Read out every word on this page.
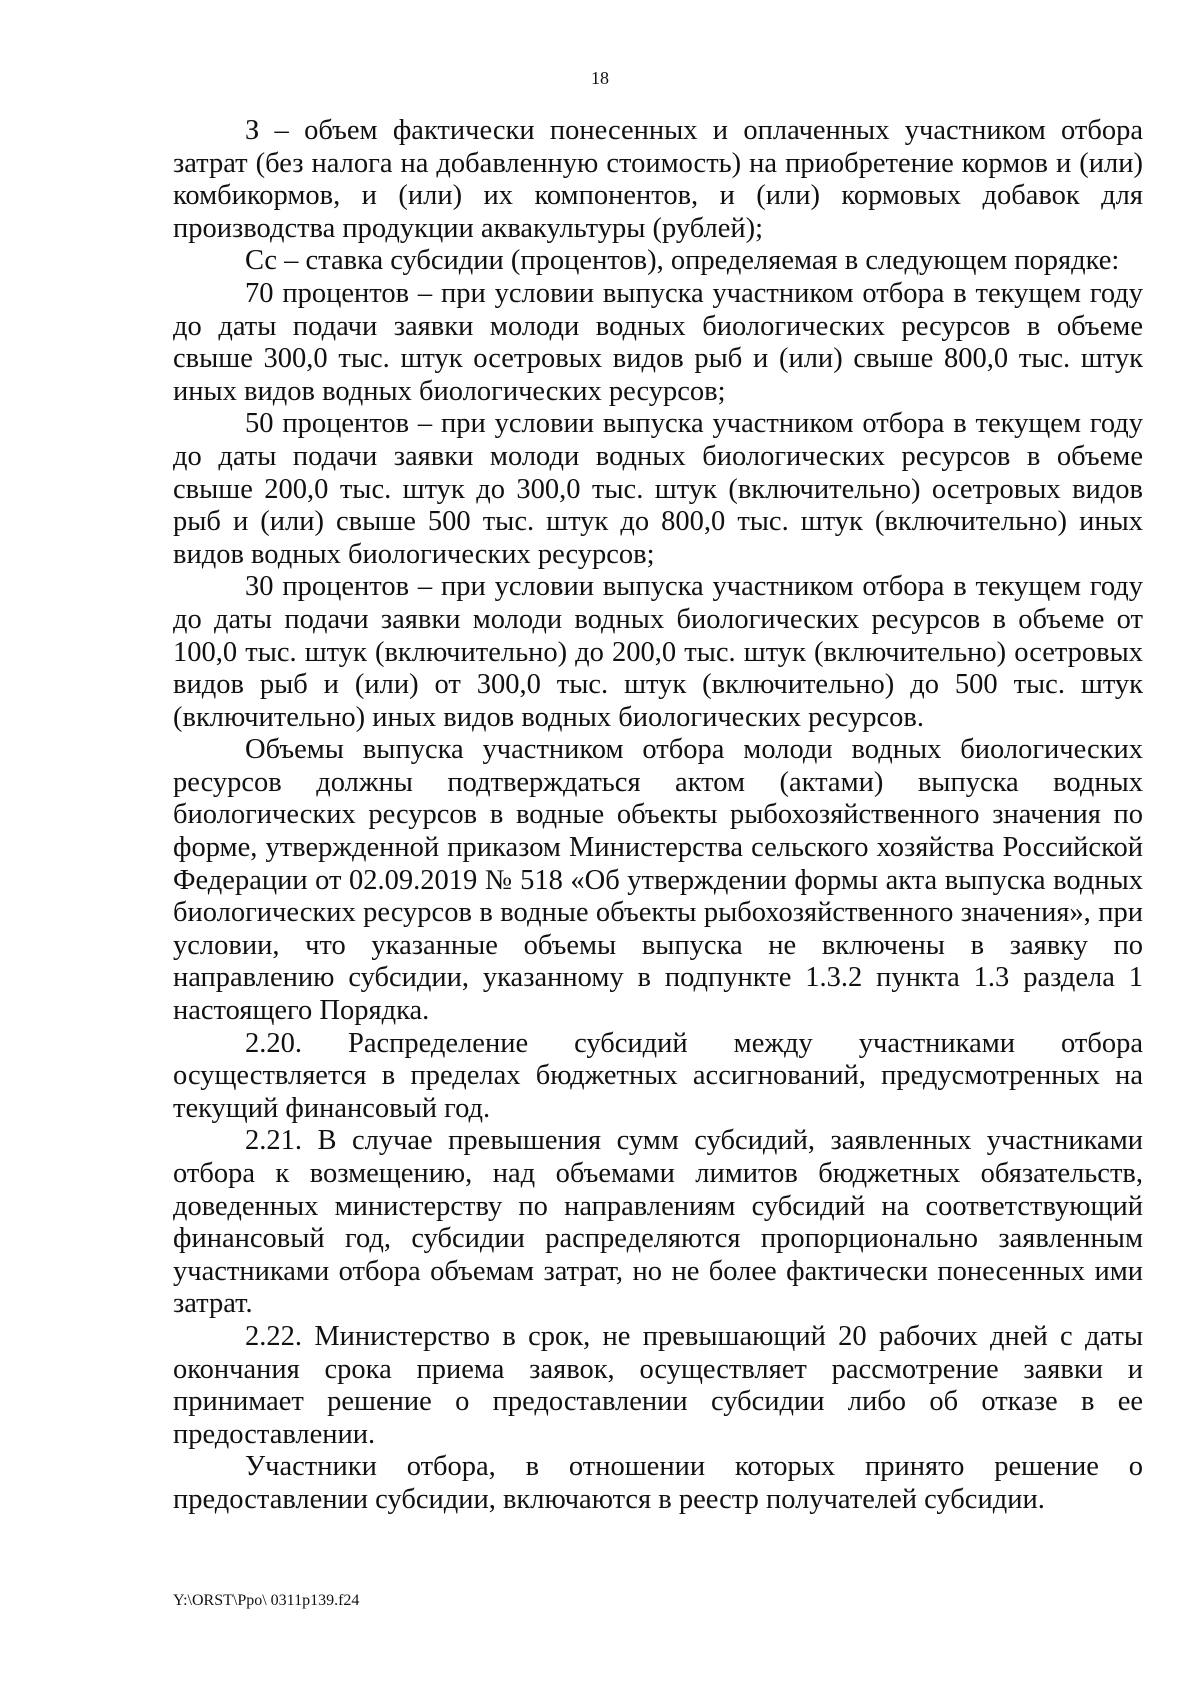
18

З – объем фактически понесенных и оплаченных участником отбора затрат (без налога на добавленную стоимость) на приобретение кормов и (или) комбикормов, и (или) их компонентов, и (или) кормовых добавок для производства продукции аквакультуры (рублей);

Сс – ставка субсидии (процентов), определяемая в следующем порядке:

70 процентов – при условии выпуска участником отбора в текущем году до даты подачи заявки молоди водных биологических ресурсов в объеме свыше 300,0 тыс. штук осетровых видов рыб и (или) свыше 800,0 тыс. штук иных видов водных биологических ресурсов;

50 процентов – при условии выпуска участником отбора в текущем году до даты подачи заявки молоди водных биологических ресурсов в объеме свыше 200,0 тыс. штук до 300,0 тыс. штук (включительно) осетровых видов рыб и (или) свыше 500 тыс. штук до 800,0 тыс. штук (включительно) иных видов водных биологических ресурсов;

30 процентов – при условии выпуска участником отбора в текущем году до даты подачи заявки молоди водных биологических ресурсов в объеме от 100,0 тыс. штук (включительно) до 200,0 тыс. штук (включительно) осетровых видов рыб и (или) от 300,0 тыс. штук (включительно) до 500 тыс. штук (включительно) иных видов водных биологических ресурсов.

Объемы выпуска участником отбора молоди водных биологических ресурсов должны подтверждаться актом (актами) выпуска водных биологических ресурсов в водные объекты рыбохозяйственного значения по форме, утвержденной приказом Министерства сельского хозяйства Российской Федерации от 02.09.2019 № 518 «Об утверждении формы акта выпуска водных биологических ресурсов в водные объекты рыбохозяйственного значения», при условии, что указанные объемы выпуска не включены в заявку по направлению субсидии, указанному в подпункте 1.3.2 пункта 1.3 раздела 1 настоящего Порядка.

2.20. Распределение субсидий между участниками отбора осуществляется в пределах бюджетных ассигнований, предусмотренных на текущий финансовый год.

2.21. В случае превышения сумм субсидий, заявленных участниками отбора к возмещению, над объемами лимитов бюджетных обязательств, доведенных министерству по направлениям субсидий на соответствующий финансовый год, субсидии распределяются пропорционально заявленным участниками отбора объемам затрат, но не более фактически понесенных ими затрат.

2.22. Министерство в срок, не превышающий 20 рабочих дней с даты окончания срока приема заявок, осуществляет рассмотрение заявки и принимает решение о предоставлении субсидии либо об отказе в ее предоставлении.

Участники отбора, в отношении которых принято решение о предоставлении субсидии, включаются в реестр получателей субсидии.

Y:\ORST\Ppo\ 0311p139.f24
